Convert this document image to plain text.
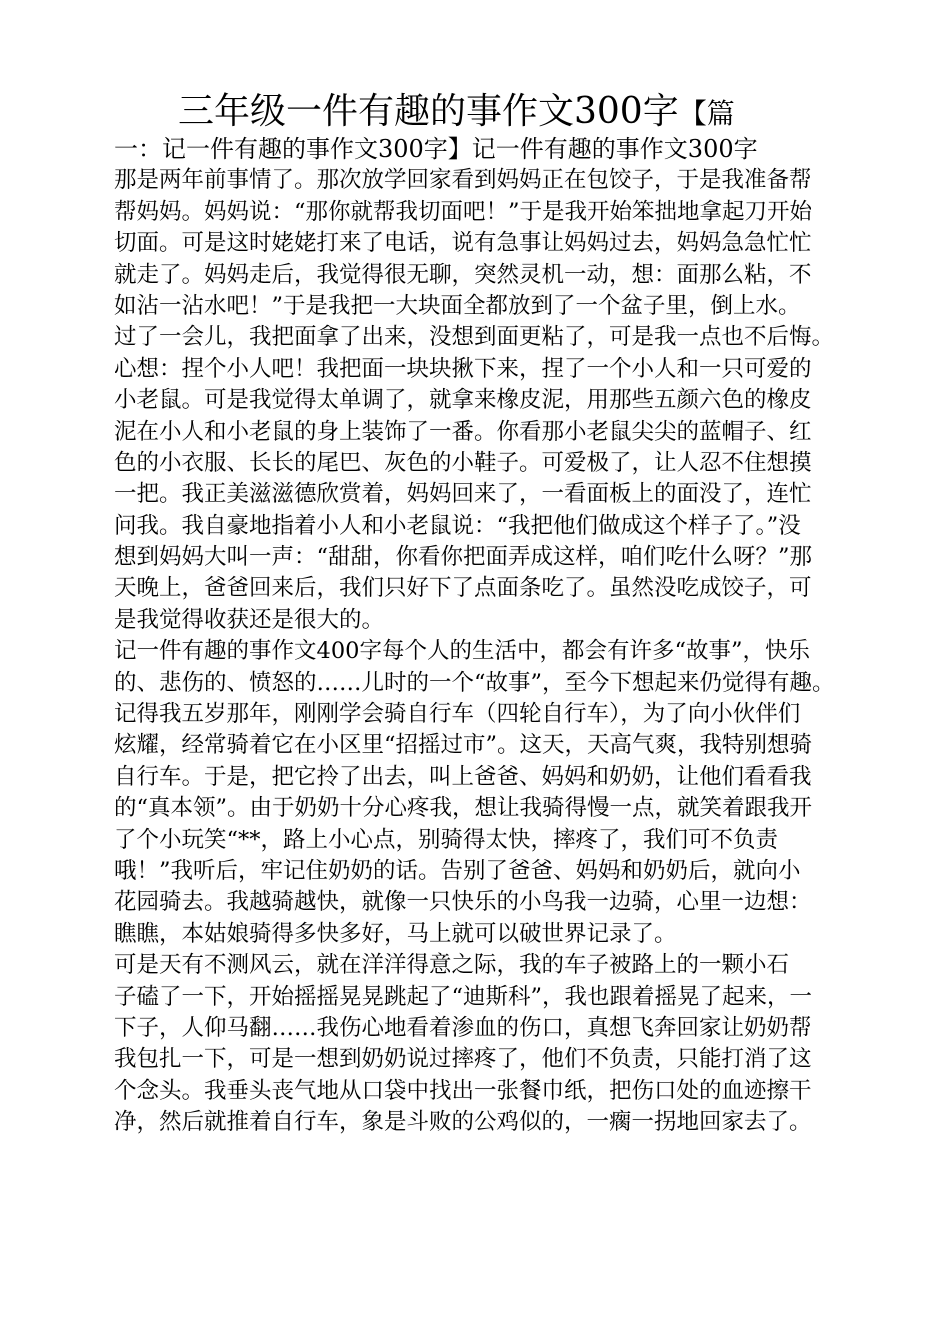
三年级一件有趣的事作文300字【篇
一：记一件有趣的事作文300字】记一件有趣的事作文300字
那是两年前事情了。那次放学回家看到妈妈正在包饺子，于是我准备帮
帮妈妈。妈妈说：“那你就帮我切面吧！”于是我开始笨拙地拿起刀开始
切面。可是这时姥姥打来了电话，说有急事让妈妈过去，妈妈急急忙忙
就走了。妈妈走后，我觉得很无聊，突然灵机一动，想：面那么粘，不
如沾一沾水吧！”于是我把一大块面全都放到了一个盆子里，倒上水。
过了一会儿，我把面拿了出来，没想到面更粘了，可是我一点也不后悔。
心想：捏个小人吧！我把面一块块揪下来，捏了一个小人和一只可爱的
小老鼠。可是我觉得太单调了，就拿来橡皮泥，用那些五颜六色的橡皮
泥在小人和小老鼠的身上装饰了一番。你看那小老鼠尖尖的蓝帽子、红
色的小衣服、长长的尾巴、灰色的小鞋子。可爱极了，让人忍不住想摸
一把。我正美滋滋德欣赏着，妈妈回来了，一看面板上的面没了，连忙
问我。我自豪地指着小人和小老鼠说：“我把他们做成这个样子了。”没
想到妈妈大叫一声：“甜甜，你看你把面弄成这样，咱们吃什么呀？”那
天晚上，爸爸回来后，我们只好下了点面条吃了。虽然没吃成饺子，可
是我觉得收获还是很大的。
记一件有趣的事作文400字每个人的生活中，都会有许多“故事”，快乐
的、悲伤的、愤怒的……儿时的一个“故事”，至今下想起来仍觉得有趣。
记得我五岁那年，刚刚学会骑自行车（四轮自行车），为了向小伙伴们
炫耀，经常骑着它在小区里“招摇过市”。这天，天高气爽，我特别想骑
自行车。于是，把它拎了出去，叫上爸爸、妈妈和奶奶，让他们看看我
的“真本领”。由于奶奶十分心疼我，想让我骑得慢一点，就笑着跟我开
了个小玩笑“**，路上小心点，别骑得太快，摔疼了，我们可不负责
哦！”我听后，牢记住奶奶的话。告别了爸爸、妈妈和奶奶后，就向小
花园骑去。我越骑越快，就像一只快乐的小鸟我一边骑，心里一边想：
瞧瞧，本姑娘骑得多快多好，马上就可以破世界记录了。
可是天有不测风云，就在洋洋得意之际，我的车子被路上的一颗小石
子磕了一下，开始摇摇晃晃跳起了“迪斯科”，我也跟着摇晃了起来，一
下子，人仰马翻……我伤心地看着渗血的伤口，真想飞奔回家让奶奶帮
我包扎一下，可是一想到奶奶说过摔疼了，他们不负责，只能打消了这
个念头。我垂头丧气地从口袋中找出一张餐巾纸，把伤口处的血迹擦干
净，然后就推着自行车，象是斗败的公鸡似的，一瘸一拐地回家去了。
